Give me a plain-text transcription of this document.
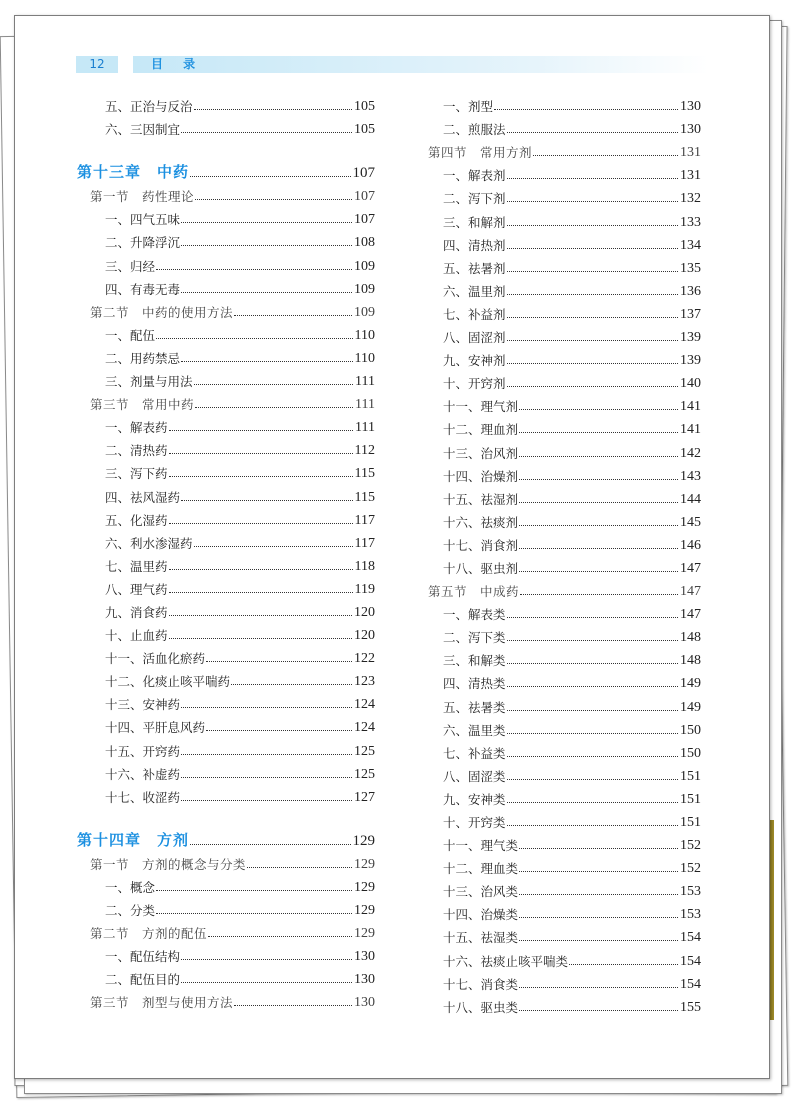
12	目 录
五、正治与反治	105
六、三因制宜	105
第十三章　中药	107
第一节　药性理论	107
一、四气五味	107
二、升降浮沉	108
三、归经	109
四、有毒无毒	109
第二节　中药的使用方法	109
一、配伍	110
二、用药禁忌	110
三、剂量与用法	111
第三节　常用中药	111
一、解表药	111
二、清热药	112
三、泻下药	115
四、祛风湿药	115
五、化湿药	117
六、利水渗湿药	117
七、温里药	118
八、理气药	119
九、消食药	120
十、止血药	120
十一、活血化瘀药	122
十二、化痰止咳平喘药	123
十三、安神药	124
十四、平肝息风药	124
十五、开窍药	125
十六、补虚药	125
十七、收涩药	127
第十四章　方剂	129
第一节　方剂的概念与分类	129
一、概念	129
二、分类	129
第二节　方剂的配伍	129
一、配伍结构	130
二、配伍目的	130
第三节　剂型与使用方法	130
一、剂型	130
二、煎服法	130
第四节　常用方剂	131
一、解表剂	131
二、泻下剂	132
三、和解剂	133
四、清热剂	134
五、祛暑剂	135
六、温里剂	136
七、补益剂	137
八、固涩剂	139
九、安神剂	139
十、开窍剂	140
十一、理气剂	141
十二、理血剂	141
十三、治风剂	142
十四、治燥剂	143
十五、祛湿剂	144
十六、祛痰剂	145
十七、消食剂	146
十八、驱虫剂	147
第五节　中成药	147
一、解表类	147
二、泻下类	148
三、和解类	148
四、清热类	149
五、祛暑类	149
六、温里类	150
七、补益类	150
八、固涩类	151
九、安神类	151
十、开窍类	151
十一、理气类	152
十二、理血类	152
十三、治风类	153
十四、治燥类	153
十五、祛湿类	154
十六、祛痰止咳平喘类	154
十七、消食类	154
十八、驱虫类	155
